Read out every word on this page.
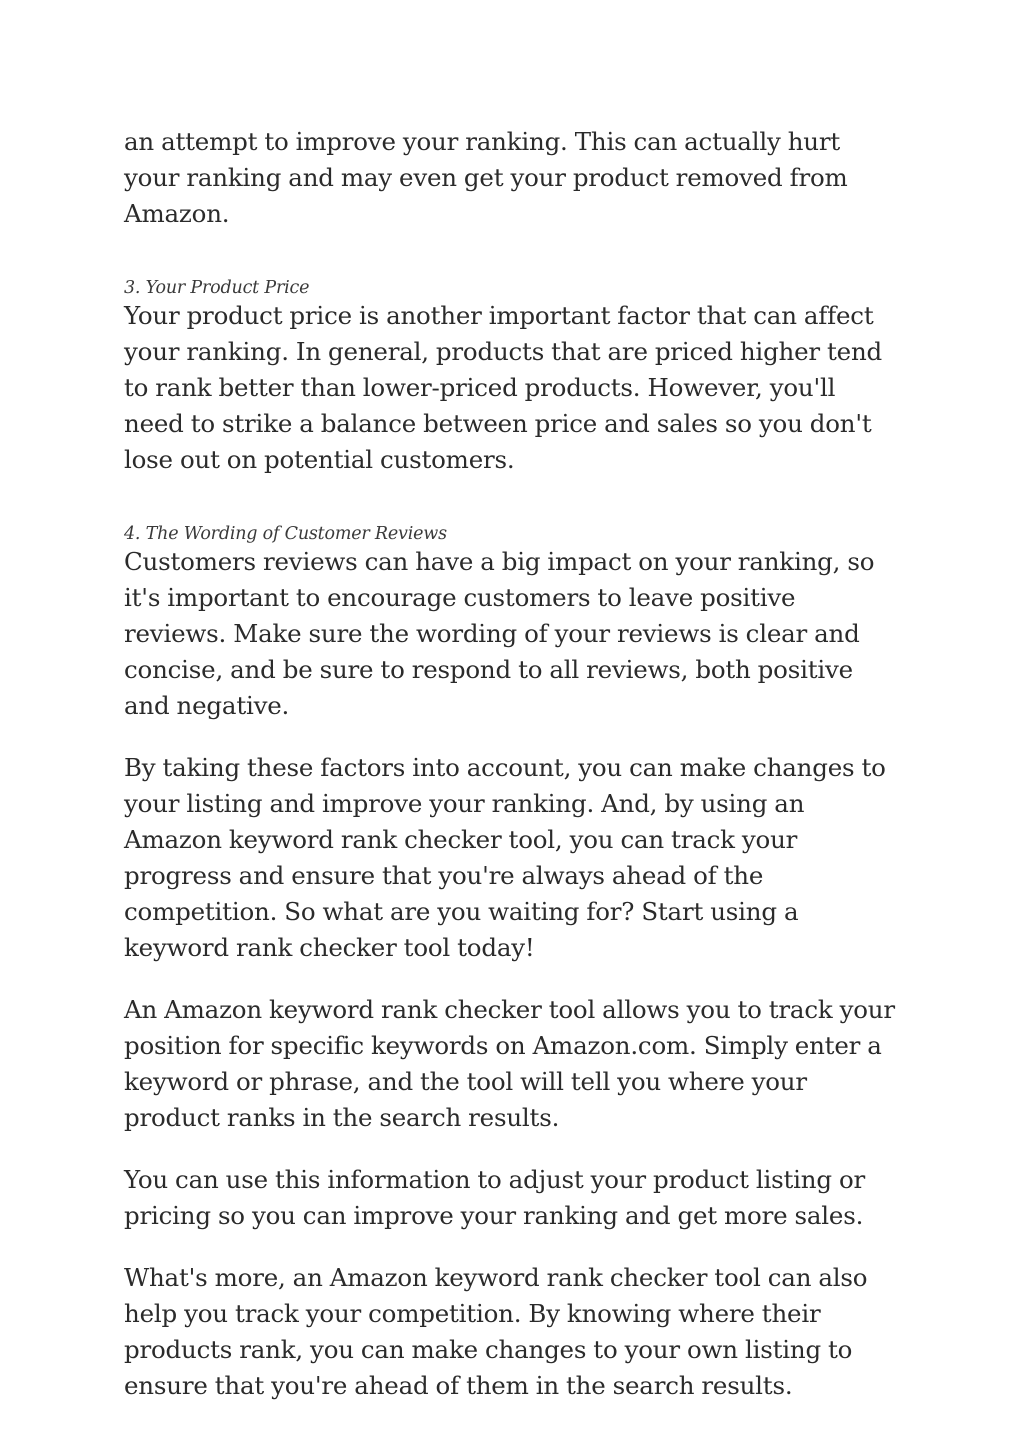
an attempt to improve your ranking. This can actually hurt your ranking and may even get your product removed from Amazon.

3. Your Product Price

Your product price is another important factor that can affect your ranking. In general, products that are priced higher tend to rank better than lower-priced products. However, you'll need to strike a balance between price and sales so you don't lose out on potential customers.

4. The Wording of Customer Reviews

Customers reviews can have a big impact on your ranking, so it's important to encourage customers to leave positive reviews. Make sure the wording of your reviews is clear and concise, and be sure to respond to all reviews, both positive and negative.

By taking these factors into account, you can make changes to your listing and improve your ranking. And, by using an Amazon keyword rank checker tool, you can track your progress and ensure that you're always ahead of the competition. So what are you waiting for? Start using a keyword rank checker tool today!

An Amazon keyword rank checker tool allows you to track your position for specific keywords on Amazon.com. Simply enter a keyword or phrase, and the tool will tell you where your product ranks in the search results.

You can use this information to adjust your product listing or pricing so you can improve your ranking and get more sales.

What's more, an Amazon keyword rank checker tool can also help you track your competition. By knowing where their products rank, you can make changes to your own listing to ensure that you're ahead of them in the search results.
